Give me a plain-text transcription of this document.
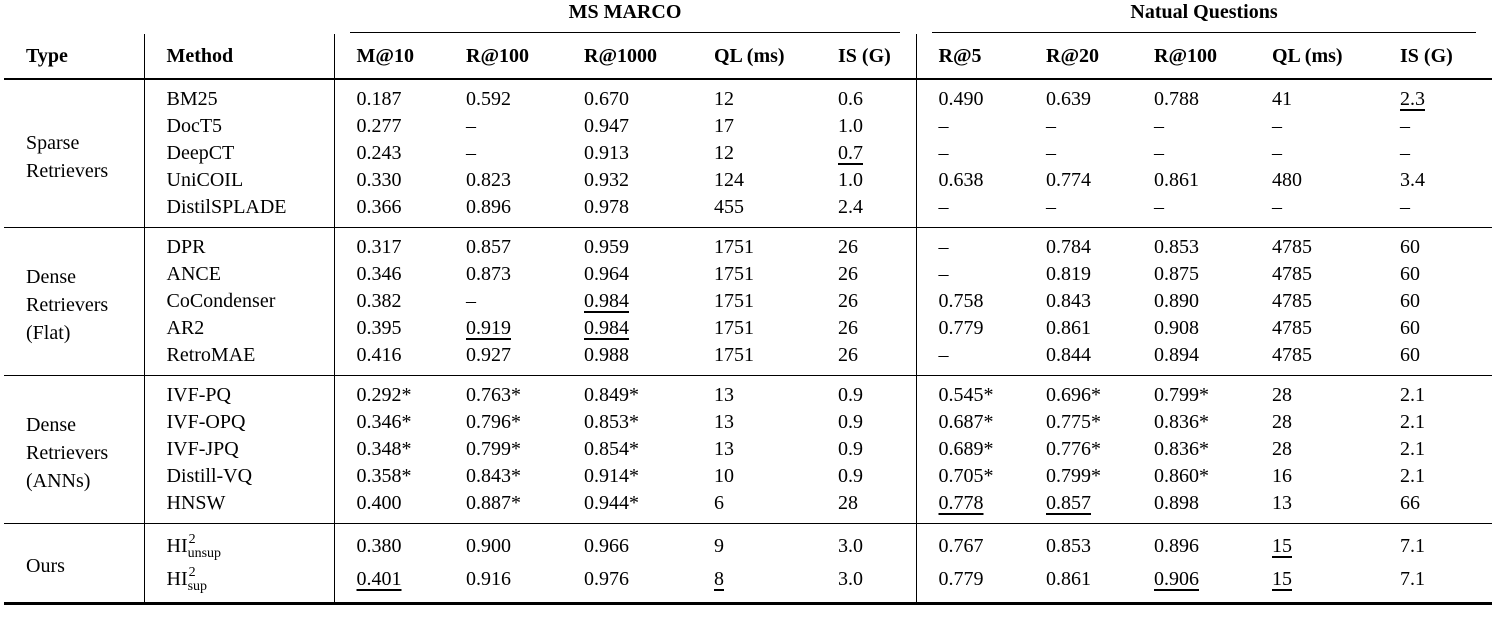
		MS MARCO					Natual Questions				

Type	Method	M@10	R@100	R@1000	QL (ms)	IS (G)	R@5	R@20	R@100	QL (ms)	IS (G)
Sparse
Retrievers	BM25	0.187	0.592	0.670	12	0.6	0.490	0.639	0.788	41	2.3
	DocT5	0.277	–	0.947	17	1.0	–	–	–	–	–
	DeepCT	0.243	–	0.913	12	0.7	–	–	–	–	–
	UniCOIL	0.330	0.823	0.932	124	1.0	0.638	0.774	0.861	480	3.4
	DistilSPLADE	0.366	0.896	0.978	455	2.4	–	–	–	–	–
Dense
Retrievers
(Flat)	DPR	0.317	0.857	0.959	1751	26	–	0.784	0.853	4785	60
	ANCE	0.346	0.873	0.964	1751	26	–	0.819	0.875	4785	60
	CoCondenser	0.382	–	0.984	1751	26	0.758	0.843	0.890	4785	60
	AR2	0.395	0.919	0.984	1751	26	0.779	0.861	0.908	4785	60
	RetroMAE	0.416	0.927	0.988	1751	26	–	0.844	0.894	4785	60
Dense
Retrievers
(ANNs)	IVF-PQ	0.292*	0.763*	0.849*	13	0.9	0.545*	0.696*	0.799*	28	2.1
	IVF-OPQ	0.346*	0.796*	0.853*	13	0.9	0.687*	0.775*	0.836*	28	2.1
	IVF-JPQ	0.348*	0.799*	0.854*	13	0.9	0.689*	0.776*	0.836*	28	2.1
	Distill-VQ	0.358*	0.843*	0.914*	10	0.9	0.705*	0.799*	0.860*	16	2.1
	HNSW	0.400	0.887*	0.944*	6	28	0.778	0.857	0.898	13	66
Ours	$HI^2_{unsup}$	0.380	0.900	0.966	9	3.0	0.767	0.853	0.896	15	7.1
	$HI^2_{sup}$	0.401	0.916	0.976	8	3.0	0.779	0.861	0.906	15	7.1
